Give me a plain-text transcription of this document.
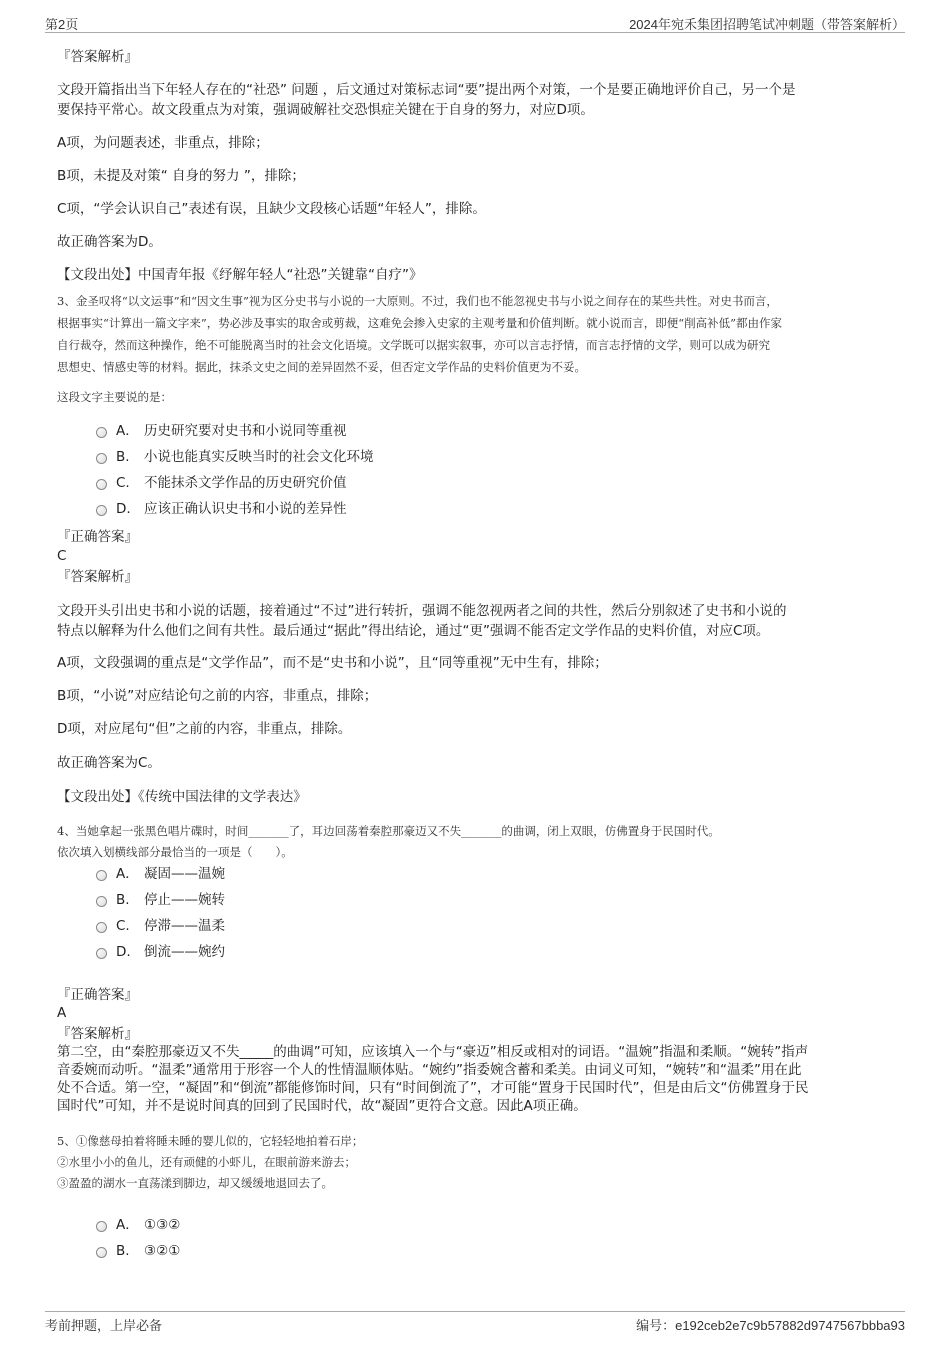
第2页	2024年宛禾集团招聘笔试冲刺题（带答案解析）
『答案解析』
文段开篇指出当下年轻人存在的“社恐” 问题 ，后文通过对策标志词“要”提出两个对策，一个是要正确地评价自己，另一个是
要保持平常心。故文段重点为对策，强调破解社交恐惧症关键在于自身的努力，对应D项。
A项，为问题表述，非重点，排除；
B项，未提及对策“ 自身的努力 ”，排除；
C项，“学会认识自己”表述有误，且缺少文段核心话题“年轻人”，排除。
故正确答案为D。
【文段出处】中国青年报《纾解年轻人“社恐”关键靠“自疗”》
3、金圣叹将“以文运事”和“因文生事”视为区分史书与小说的一大原则。不过，我们也不能忽视史书与小说之间存在的某些共性。对史书而言，
根据事实“计算出一篇文字来”，势必涉及事实的取舍或剪裁，这难免会掺入史家的主观考量和价值判断。就小说而言，即便“削高补低”都由作家
自行裁夺，然而这种操作，绝不可能脱离当时的社会文化语境。文学既可以据实叙事，亦可以言志抒情，而言志抒情的文学，则可以成为研究
思想史、情感史等的材料。据此，抹杀文史之间的差异固然不妥，但否定文学作品的史料价值更为不妥。
这段文字主要说的是：
A． 历史研究要对史书和小说同等重视
B. 小说也能真实反映当时的社会文化环境
C. 不能抹杀文学作品的历史研究价值
D. 应该正确认识史书和小说的差异性
『正确答案』
C
『答案解析』
文段开头引出史书和小说的话题，接着通过“不过”进行转折，强调不能忽视两者之间的共性，然后分别叙述了史书和小说的
特点以解释为什么他们之间有共性。最后通过“据此”得出结论，通过“更”强调不能否定文学作品的史料价值，对应C项。
A项，文段强调的重点是“文学作品”，而不是“史书和小说”，且“同等重视”无中生有，排除；
B项，“小说”对应结论句之前的内容，非重点，排除；
D项，对应尾句“但”之前的内容，非重点，排除。
故正确答案为C。
【文段出处】《传统中国法律的文学表达》
4、当她拿起一张黑色唱片碟时，时间_______了，耳边回荡着秦腔那豪迈又不失_______的曲调，闭上双眼，仿佛置身于民国时代。
依次填入划横线部分最恰当的一项是（　　）。
A． 凝固——温婉
B. 停止——婉转
C. 停滞——温柔
D. 倒流——婉约
『正确答案』
A
『答案解析』
第二空，由“秦腔那豪迈又不失_____的曲调”可知，应该填入一个与“豪迈”相反或相对的词语。“温婉”指温和柔顺。“婉转”指声
音委婉而动听。“温柔”通常用于形容一个人的性情温顺体贴。“婉约”指委婉含蓄和柔美。由词义可知，“婉转”和“温柔”用在此
处不合适。第一空，“凝固”和“倒流”都能修饰时间，只有“时间倒流了”，才可能“置身于民国时代”，但是由后文“仿佛置身于民
国时代”可知，并不是说时间真的回到了民国时代，故“凝固”更符合文意。因此A项正确。
5、①像慈母拍着将睡未睡的婴儿似的，它轻轻地拍着石岸；
②水里小小的鱼儿，还有顽健的小虾儿，在眼前游来游去；
③盈盈的湖水一直荡漾到脚边，却又缓缓地退回去了。
A． ①③②
B. ③②①
考前押题，上岸必备	编号：e192ceb2e7c9b57882d9747567bbba93
